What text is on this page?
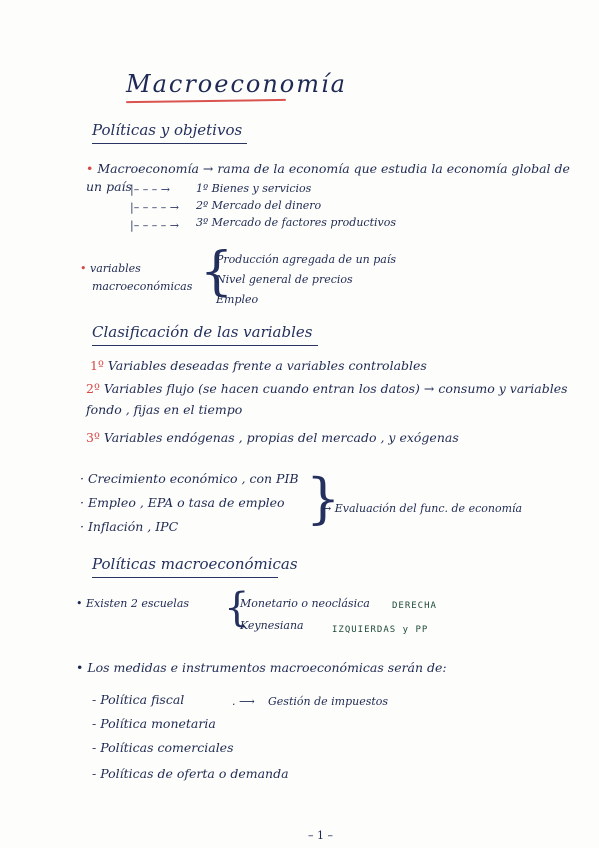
Macroeconomía
Políticas y objetivos
• Macroeconomía → rama de la economía que estudia la economía global de
un país
|– – – → 1º Bienes y servicios
|– – – – → 2º Mercado del dinero
|– – – – → 3º Mercado de factores productivos
• variables
macroeconómicas {
Producción agregada de un país
Nivel general de precios
Empleo
Clasificación de las variables
1º Variables deseadas frente a variables controlables
2º Variables flujo (se hacen cuando entran los datos) → consumo y variables
fondo , fijas en el tiempo
3º Variables endógenas , propias del mercado , y exógenas
· Crecimiento económico , con PIB
· Empleo , EPA o tasa de empleo
· Inflación , IPC }
→ Evaluación del func. de economía
Políticas macroeconómicas
• Existen 2 escuelas {
Monetario o neoclásica DERECHA
Keynesiana	IZQUIERDAS y PP
• Los medidas e instrumentos macroeconómicas serán de:
- Política fiscal	. ⟶ Gestión de impuestos
- Política monetaria
- Políticas comerciales
- Políticas de oferta o demanda
– 1 –
